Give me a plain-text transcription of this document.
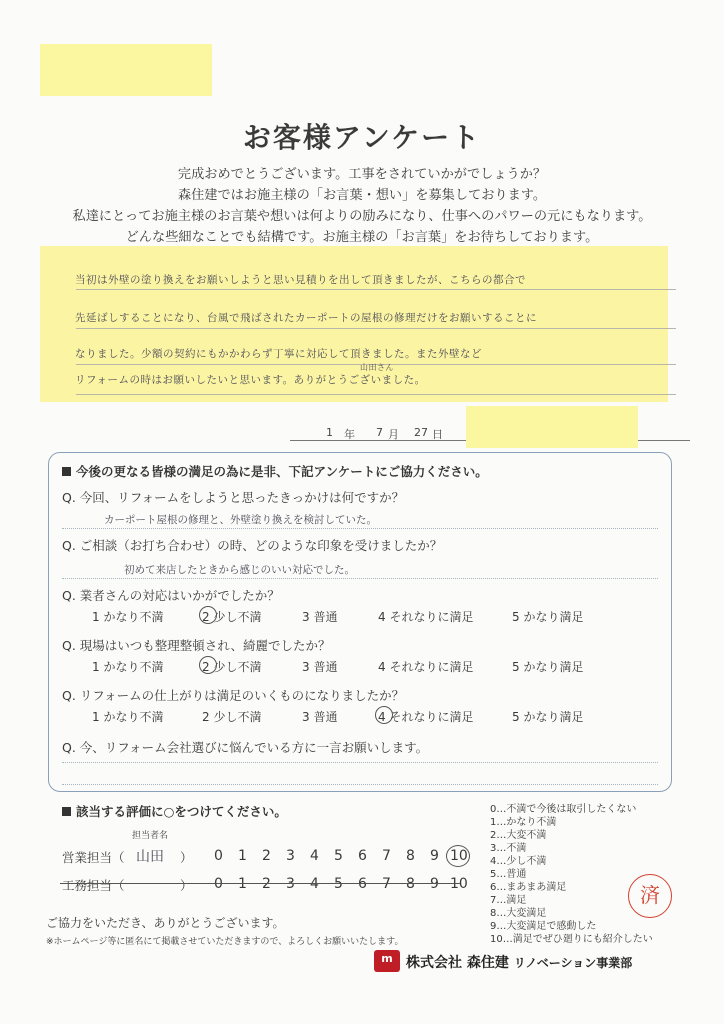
お客様アンケート
完成おめでとうございます。工事をされていかがでしょうか？
森住建ではお施主様の「お言葉・想い」を募集しております。
私達にとってお施主様のお言葉や想いは何よりの励みになり、仕事へのパワーの元にもなります。
どんな些細なことでも結構です。お施主様の「お言葉」をお待ちしております。
当初は外壁の塗り換えをお願いしようと思い見積りを出して頂きましたが、こちらの都合で
先延ばしすることになり、台風で飛ばされたカーポートの屋根の修理だけをお願いすることに
なりました。少額の契約にもかかわらず丁寧に対応して頂きました。また外壁など
リフォームの時はお願いしたいと思います。ありがとうございました。
山田さん
1 年 7 月 27 日
今後の更なる皆様の満足の為に是非、下記アンケートにご協力ください。
Q. 今回、リフォームをしようと思ったきっかけは何ですか？
カーポート屋根の修理と、外壁塗り換えを検討していた。
Q. ご相談（お打ち合わせ）の時、どのような印象を受けましたか？
初めて来店したときから感じのいい対応でした。
Q. 業者さんの対応はいかがでしたか？
1 かなり不満	2 少し不満	3 普通	4 それなりに満足	5 かなり満足
Q. 現場はいつも整理整頓され、綺麗でしたか？
1 かなり不満	2 少し不満	3 普通	4 それなりに満足	5 かなり満足
Q. リフォームの仕上がりは満足のいくものになりましたか？
1 かなり不満	2 少し不満	3 普通	4 それなりに満足	5 かなり満足
Q. 今、リフォーム会社選びに悩んでいる方に一言お願いします。
該当する評価に○をつけてください。
担当者名
営業担当（ 山田 ） 0 1 2 3 4 5 6 7 8 9 10
工務担当（	） 0 1 2 3 4 5 6 7 8 9 10
0…不満で今後は取引したくない
1…かなり不満
2…大変不満
3…不満
4…少し不満
5…普通
6…まあまあ満足
7…満足
8…大変満足
9…大変満足で感動した
10…満足でぜひ廻りにも紹介したい
済
ご協力をいただき、ありがとうございます。
※ホームページ等に匿名にて掲載させていただきますので、よろしくお願いいたします。
m 株式会社 森住建 リノベーション事業部
